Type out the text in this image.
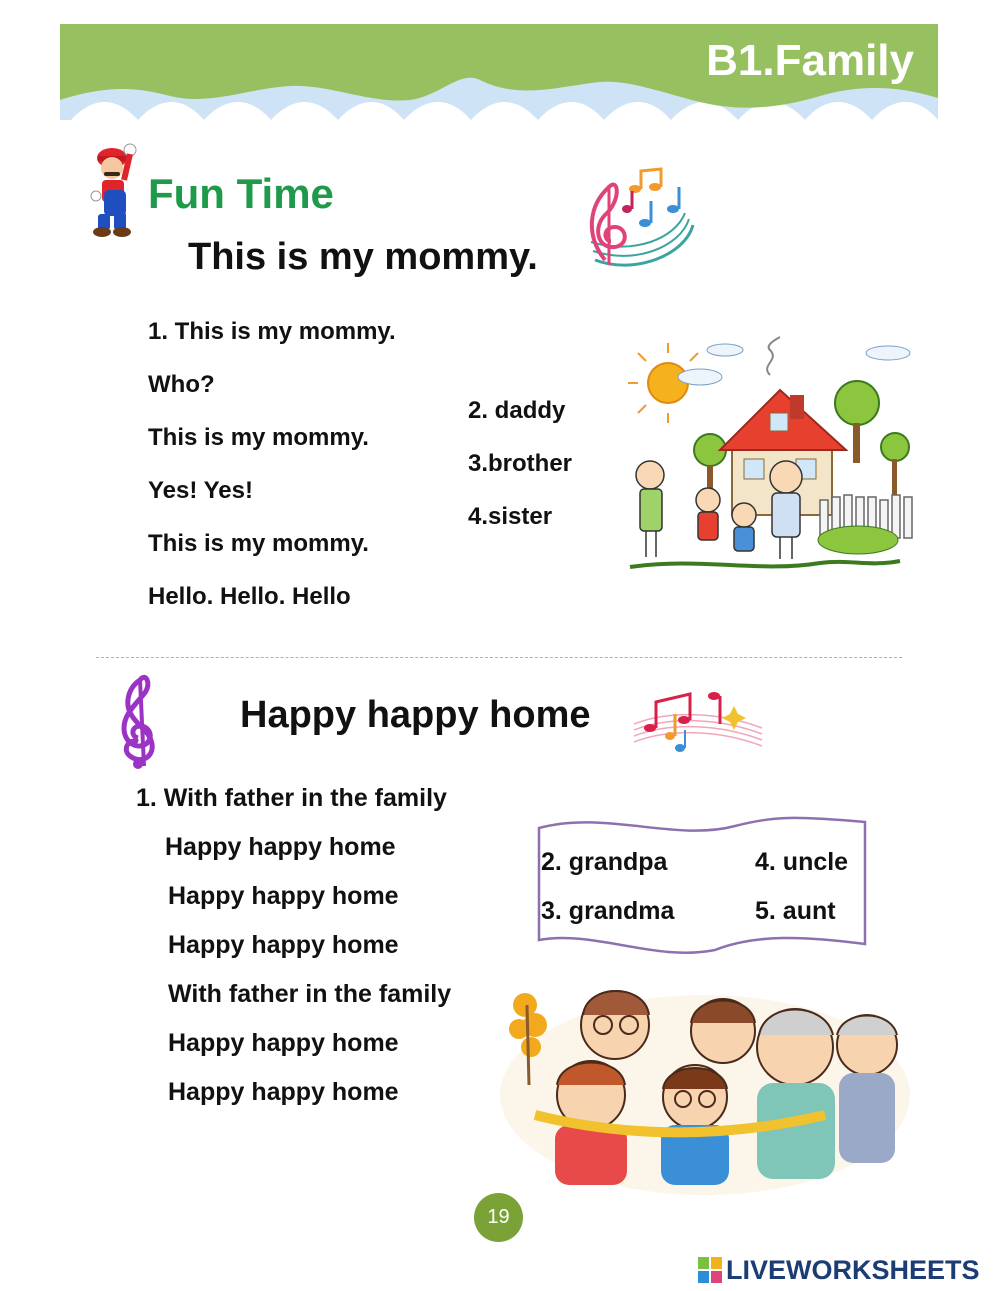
B1.Family
Fun Time
This is my mommy.
1. This is my mommy.
Who?
This is my mommy.
Yes! Yes!
This is my mommy.
Hello. Hello. Hello
2. daddy
3.brother
4.sister
Happy happy home
1. With father in the family
Happy happy home
Happy happy home
Happy happy home
With father in the family
Happy happy home
Happy happy home
2. grandpa	4. uncle
3. grandma	5. aunt
19
LIVEWORKSHEETS
